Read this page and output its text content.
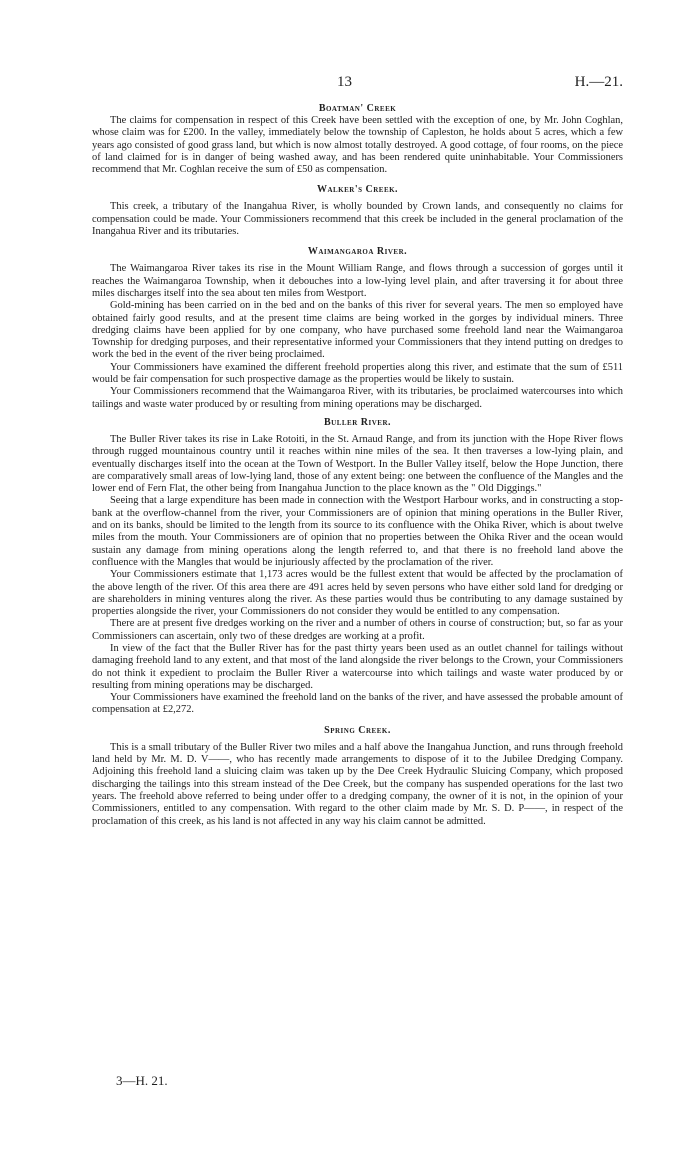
13	H.—21.
Boatman' Creek

The claims for compensation in respect of this Creek have been settled with the exception of one, by Mr. John Coghlan, whose claim was for £200. In the valley, immediately below the township of Capleston, he holds about 5 acres, which a few years ago consisted of good grass land, but which is now almost totally destroyed. A good cottage, of four rooms, on the piece of land claimed for is in danger of being washed away, and has been rendered quite uninhabitable. Your Commissioners recommend that Mr. Coghlan receive the sum of £50 as compensation.

Walker's Creek.

This creek, a tributary of the Inangahua River, is wholly bounded by Crown lands, and consequently no claims for compensation could be made. Your Commissioners recommend that this creek be included in the general proclamation of the Inangahua River and its tributaries.

Waimangaroa River.

The Waimangaroa River takes its rise in the Mount William Range, and flows through a succession of gorges until it reaches the Waimangaroa Township, when it debouches into a low-lying level plain, and after traversing it for about three miles discharges itself into the sea about ten miles from Westport.

Gold-mining has been carried on in the bed and on the banks of this river for several years. The men so employed have obtained fairly good results, and at the present time claims are being worked in the gorges by individual miners. Three dredging claims have been applied for by one company, who have purchased some freehold land near the Waimangaroa Township for dredging purposes, and their representative informed your Commissioners that they intend putting on dredges to work the bed in the event of the river being proclaimed.

Your Commissioners have examined the different freehold properties along this river, and estimate that the sum of £511 would be fair compensation for such prospective damage as the properties would be likely to sustain.

Your Commissioners recommend that the Waimangaroa River, with its tributaries, be proclaimed watercourses into which tailings and waste water produced by or resulting from mining operations may be discharged.

Buller River.

The Buller River takes its rise in Lake Rotoiti, in the St. Arnaud Range, and from its junction with the Hope River flows through rugged mountainous country until it reaches within nine miles of the sea. It then traverses a low-lying plain, and eventually discharges itself into the ocean at the Town of Westport. In the Buller Valley itself, below the Hope Junction, there are comparatively small areas of low-lying land, those of any extent being: one between the confluence of the Mangles and the lower end of Fern Flat, the other being from Inangahua Junction to the place known as the " Old Diggings."

Seeing that a large expenditure has been made in connection with the Westport Harbour works, and in constructing a stop-bank at the overflow-channel from the river, your Commissioners are of opinion that mining operations in the Buller River, and on its banks, should be limited to the length from its source to its confluence with the Ohika River, which is about twelve miles from the mouth. Your Commissioners are of opinion that no properties between the Ohika River and the ocean would sustain any damage from mining operations along the length referred to, and that there is no freehold land above the confluence with the Mangles that would be injuriously affected by the proclamation of the river.

Your Commissioners estimate that 1,173 acres would be the fullest extent that would be affected by the proclamation of the above length of the river. Of this area there are 491 acres held by seven persons who have either sold land for dredging or are shareholders in mining ventures along the river. As these parties would thus be contributing to any damage sustained by properties alongside the river, your Commissioners do not consider they would be entitled to any compensation.

There are at present five dredges working on the river and a number of others in course of construction; but, so far as your Commissioners can ascertain, only two of these dredges are working at a profit.

In view of the fact that the Buller River has for the past thirty years been used as an outlet channel for tailings without damaging freehold land to any extent, and that most of the land alongside the river belongs to the Crown, your Commissioners do not think it expedient to proclaim the Buller River a watercourse into which tailings and waste water produced by or resulting from mining operations may be discharged.

Your Commissioners have examined the freehold land on the banks of the river, and have assessed the probable amount of compensation at £2,272.

Spring Creek.

This is a small tributary of the Buller River two miles and a half above the Inangahua Junction, and runs through freehold land held by Mr. M. D. V——, who has recently made arrangements to dispose of it to the Jubilee Dredging Company. Adjoining this freehold land a sluicing claim was taken up by the Dee Creek Hydraulic Sluicing Company, which proposed discharging the tailings into this stream instead of the Dee Creek, but the company has suspended operations for the last two years. The freehold above referred to being under offer to a dredging company, the owner of it is not, in the opinion of your Commissioners, entitled to any compensation. With regard to the other claim made by Mr. S. D. P——, in respect of the proclamation of this creek, as his land is not affected in any way his claim cannot be admitted.

3—H. 21.
